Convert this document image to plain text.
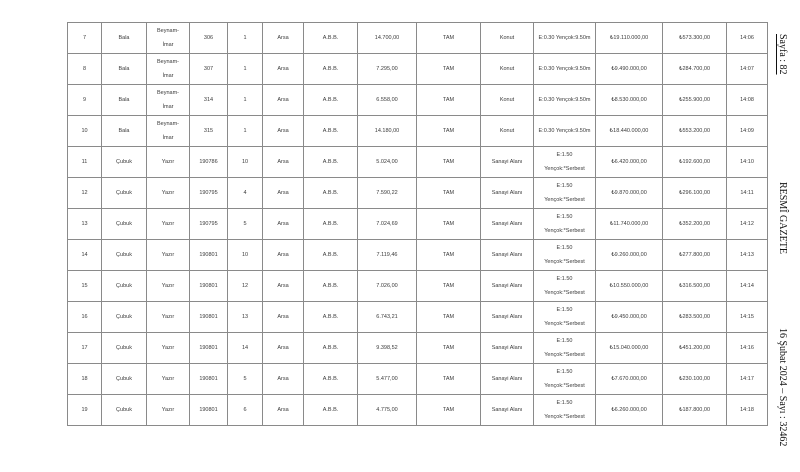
7	Bala	Beynam-
İmar	306	1	Arsa	A.B.B.	14.700,00	TAM	Konut	E:0.30 Yençok:9.50m	₺19.110.000,00	₺573.300,00	14:06
8	Bala	Beynam-
İmar	307	1	Arsa	A.B.B.	7.295,00	TAM	Konut	E:0.30 Yençok:9.50m	₺9.490.000,00	₺284.700,00	14:07
9	Bala	Beynam-
İmar	314	1	Arsa	A.B.B.	6.558,00	TAM	Konut	E:0.30 Yençok:9.50m	₺8.530.000,00	₺255.900,00	14:08
10	Bala	Beynam-
İmar	315	1	Arsa	A.B.B.	14.180,00	TAM	Konut	E:0.30 Yençok:9.50m	₺18.440.000,00	₺553.200,00	14:09
11	Çubuk	Yazır	190786	10	Arsa	A.B.B.	5.024,00	TAM	Sanayi Alanı	E:1.50
Yençok:*Serbest	₺6.420.000,00	₺192.600,00	14:10
12	Çubuk	Yazır	190795	4	Arsa	A.B.B.	7.590,22	TAM	Sanayi Alanı	E:1.50
Yençok:*Serbest	₺9.870.000,00	₺296.100,00	14:11
13	Çubuk	Yazır	190795	5	Arsa	A.B.B.	7.024,69	TAM	Sanayi Alanı	E:1.50
Yençok:*Serbest	₺11.740.000,00	₺352.200,00	14:12
14	Çubuk	Yazır	190801	10	Arsa	A.B.B.	7.119,46	TAM	Sanayi Alanı	E:1.50
Yençok:*Serbest	₺9.260.000,00	₺277.800,00	14:13
15	Çubuk	Yazır	190801	12	Arsa	A.B.B.	7.026,00	TAM	Sanayi Alanı	E:1.50
Yençok:*Serbest	₺10.550.000,00	₺316.500,00	14:14
16	Çubuk	Yazır	190801	13	Arsa	A.B.B.	6.743,21	TAM	Sanayi Alanı	E:1.50
Yençok:*Serbest	₺9.450.000,00	₺283.500,00	14:15
17	Çubuk	Yazır	190801	14	Arsa	A.B.B.	9.398,52	TAM	Sanayi Alanı	E:1.50
Yençok:*Serbest	₺15.040.000,00	₺451.200,00	14:16
18	Çubuk	Yazır	190801	5	Arsa	A.B.B.	5.477,00	TAM	Sanayi Alanı	E:1.50
Yençok:*Serbest	₺7.670.000,00	₺230.100,00	14:17
19	Çubuk	Yazır	190801	6	Arsa	A.B.B.	4.775,00	TAM	Sanayi Alanı	E:1.50
Yençok:*Serbest	₺6.260.000,00	₺187.800,00	14:18
Sayfa : 82
RESMÎ GAZETE
16 Şubat 2024 – Sayı : 32462
